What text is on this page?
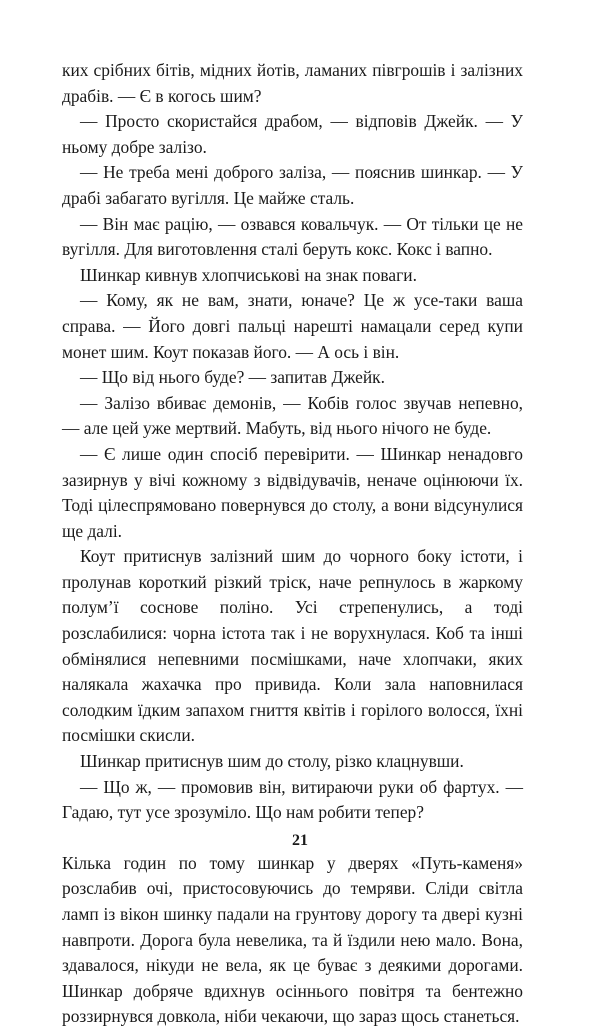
ких срібних бітів, мідних йотів, ламаних півгрошів і залізних драбів. — Є в когось шим?

— Просто скористайся драбом, — відповів Джейк. — У ньому добре залізо.

— Не треба мені доброго заліза, — пояснив шинкар. — У драбі забагато вугілля. Це майже сталь.

— Він має рацію, — озвався ковальчук. — От тільки це не вугілля. Для виготовлення сталі беруть кокс. Кокс і вапно.

Шинкар кивнув хлопчиськові на знак поваги.

— Кому, як не вам, знати, юначе? Це ж усе-таки ваша справа. — Його довгі пальці нарешті намацали серед купи монет шим. Коут показав його. — А ось і він.

— Що від нього буде? — запитав Джейк.

— Залізо вбиває демонів, — Кобів голос звучав непевно, — але цей уже мертвий. Мабуть, від нього нічого не буде.

— Є лише один спосіб перевірити. — Шинкар ненадовго зазирнув у вічі кожному з відвідувачів, неначе оцінюючи їх. Тоді цілеспрямовано повернувся до столу, а вони відсунулися ще далі.

Коут притиснув залізний шим до чорного боку істоти, і пролунав короткий різкий тріск, наче репнулось в жаркому полум’ї соснове поліно. Усі стрепенулись, а тоді розслабилися: чорна істота так і не ворухнулася. Коб та інші обмінялися непевними посмішками, наче хлопчаки, яких налякала жахачка про привида. Коли зала наповнилася солодким їдким запахом гниття квітів і горілого волосся, їхні посмішки скисли.

Шинкар притиснув шим до столу, різко клацнувши.

— Що ж, — промовив він, витираючи руки об фартух. — Гадаю, тут усе зрозуміло. Що нам робити тепер?

Кілька годин по тому шинкар у дверях «Путь-каменя» розслабив очі, пристосовуючись до темряви. Сліди світла ламп із вікон шинку падали на грунтову дорогу та двері кузні навпроти. Дорога була невелика, та й їздили нею мало. Вона, здавалося, нікуди не вела, як це буває з деякими дорогами. Шинкар добряче вдихнув осіннього повітря та бентежно роззирнувся довкола, ніби чекаючи, що зараз щось станеться.

21
